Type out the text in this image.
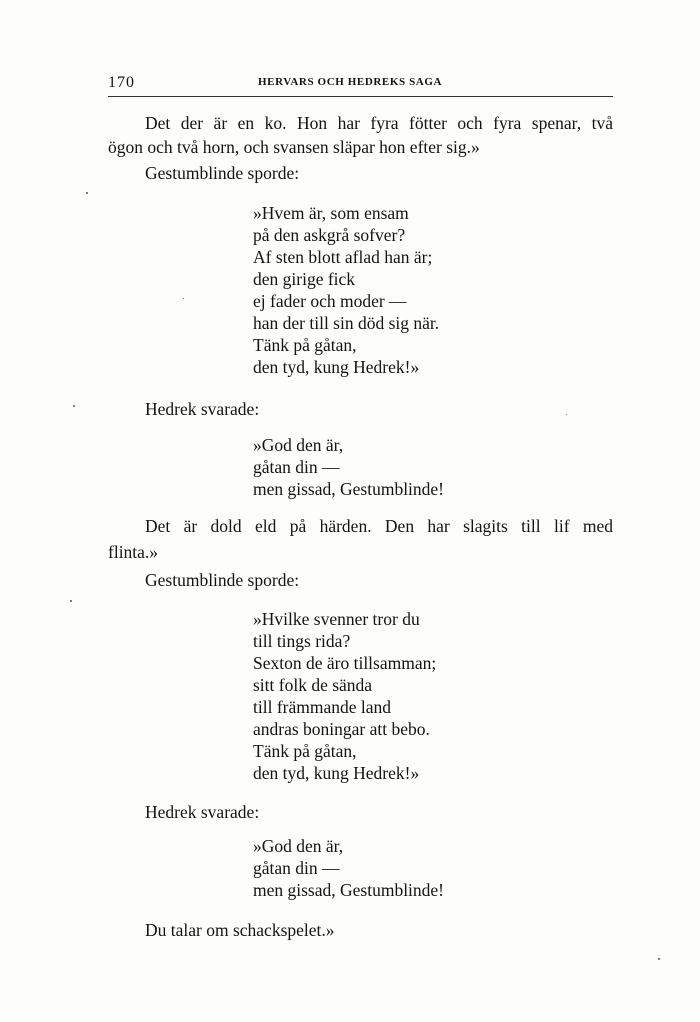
170	HERVARS OCH HEDREKS SAGA
Det der är en ko. Hon har fyra fötter och fyra spenar, två
ögon och två horn, och svansen släpar hon efter sig.»
Gestumblinde sporde:
»Hvem är, som ensam
på den askgrå sofver?
Af sten blott aflad han är;
den girige fick
ej fader och moder —
han der till sin död sig när.
Tänk på gåtan,
den tyd, kung Hedrek!»
Hedrek svarade:
»God den är,
gåtan din —
men gissad, Gestumblinde!
Det är dold eld på härden. Den har slagits till lif med
flinta.»
Gestumblinde sporde:
»Hvilke svenner tror du
till tings rida?
Sexton de äro tillsamman;
sitt folk de sända
till främmande land
andras boningar att bebo.
Tänk på gåtan,
den tyd, kung Hedrek!»
Hedrek svarade:
»God den är,
gåtan din —
men gissad, Gestumblinde!
Du talar om schackspelet.»
